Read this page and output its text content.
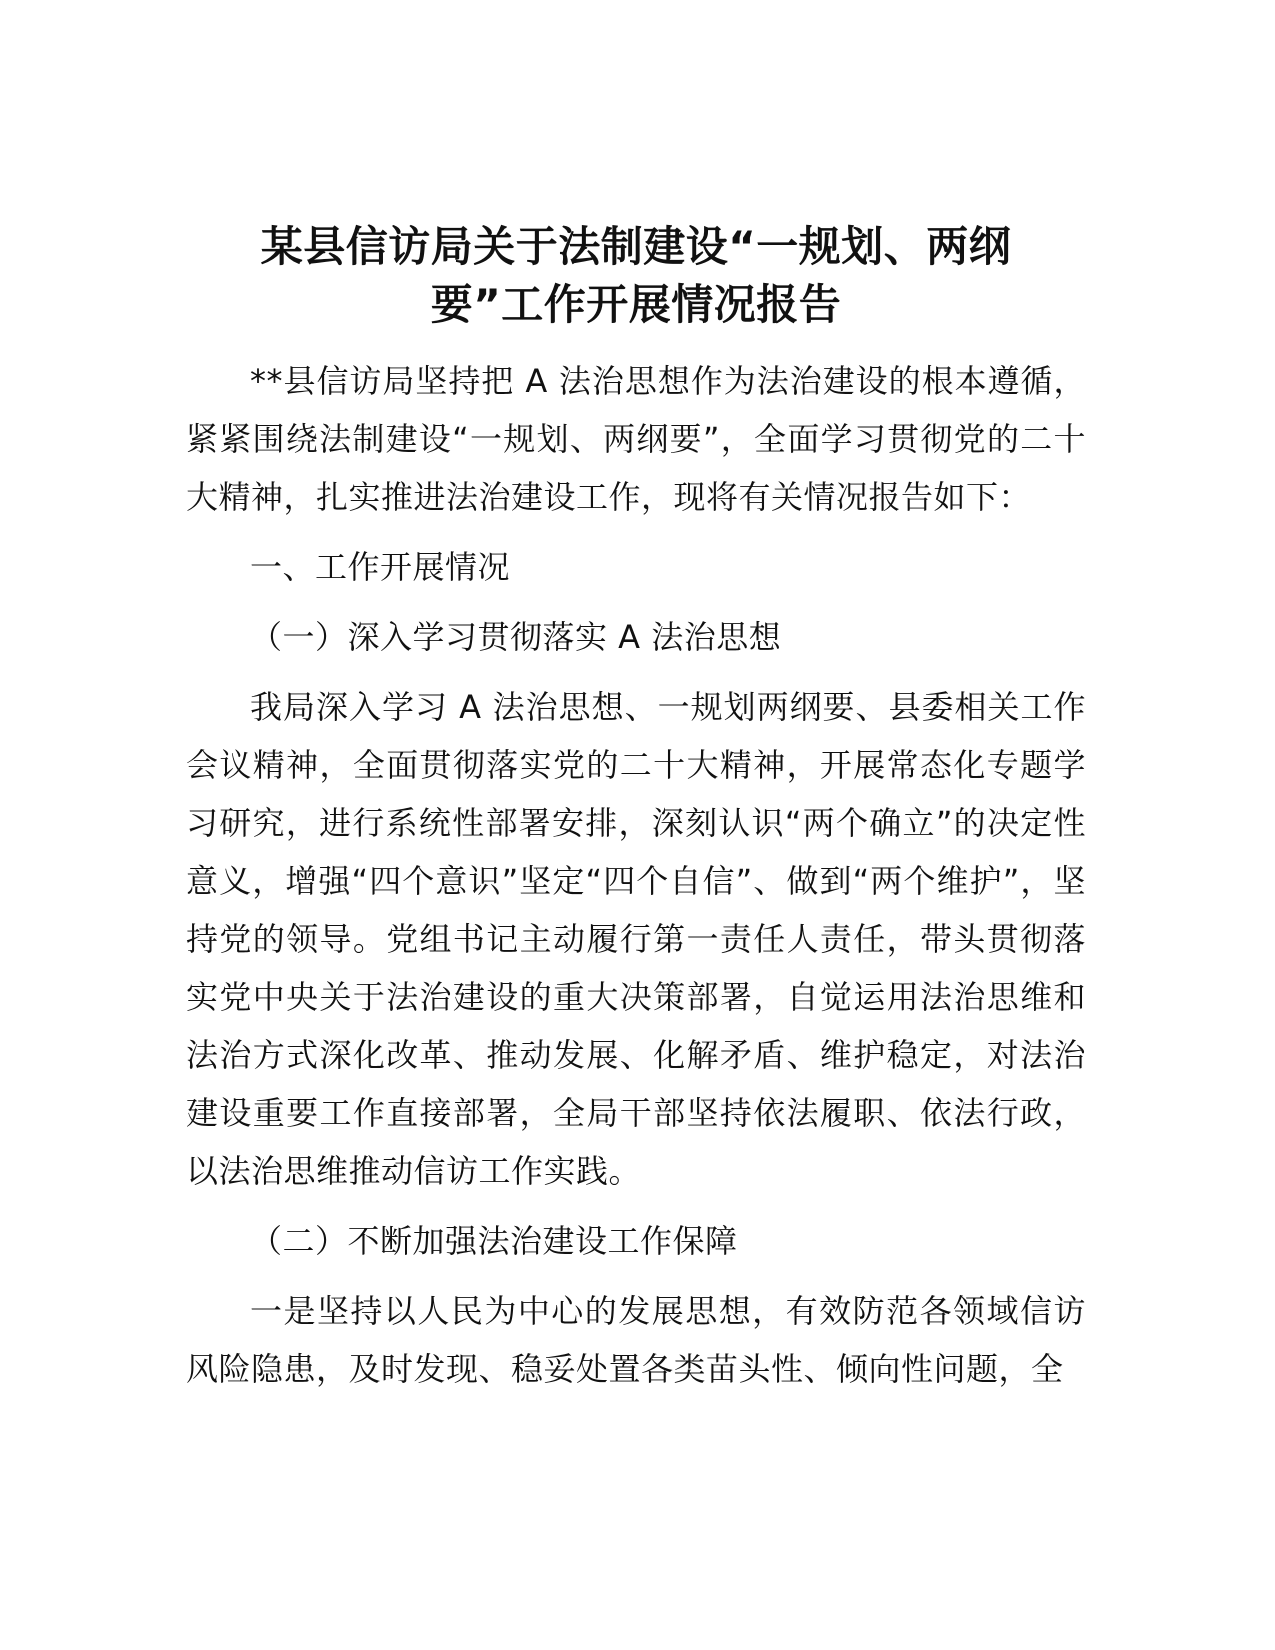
某县信访局关于法制建设“一规划、两纲
要”工作开展情况报告

**县信访局坚持把 A 法治思想作为法治建设的根本遵循，紧紧围绕法制建设“一规划、两纲要”，全面学习贯彻党的二十大精神，扎实推进法治建设工作，现将有关情况报告如下：

一、工作开展情况

（一）深入学习贯彻落实 A 法治思想

我局深入学习 A 法治思想、一规划两纲要、县委相关工作会议精神，全面贯彻落实党的二十大精神，开展常态化专题学习研究，进行系统性部署安排，深刻认识“两个确立”的决定性意义，增强“四个意识”坚定“四个自信”、做到“两个维护”，坚持党的领导。党组书记主动履行第一责任人责任，带头贯彻落实党中央关于法治建设的重大决策部署，自觉运用法治思维和法治方式深化改革、推动发展、化解矛盾、维护稳定，对法治建设重要工作直接部署，全局干部坚持依法履职、依法行政，以法治思维推动信访工作实践。

（二）不断加强法治建设工作保障

一是坚持以人民为中心的发展思想，有效防范各领域信访风险隐患，及时发现、稳妥处置各类苗头性、倾向性问题，全
